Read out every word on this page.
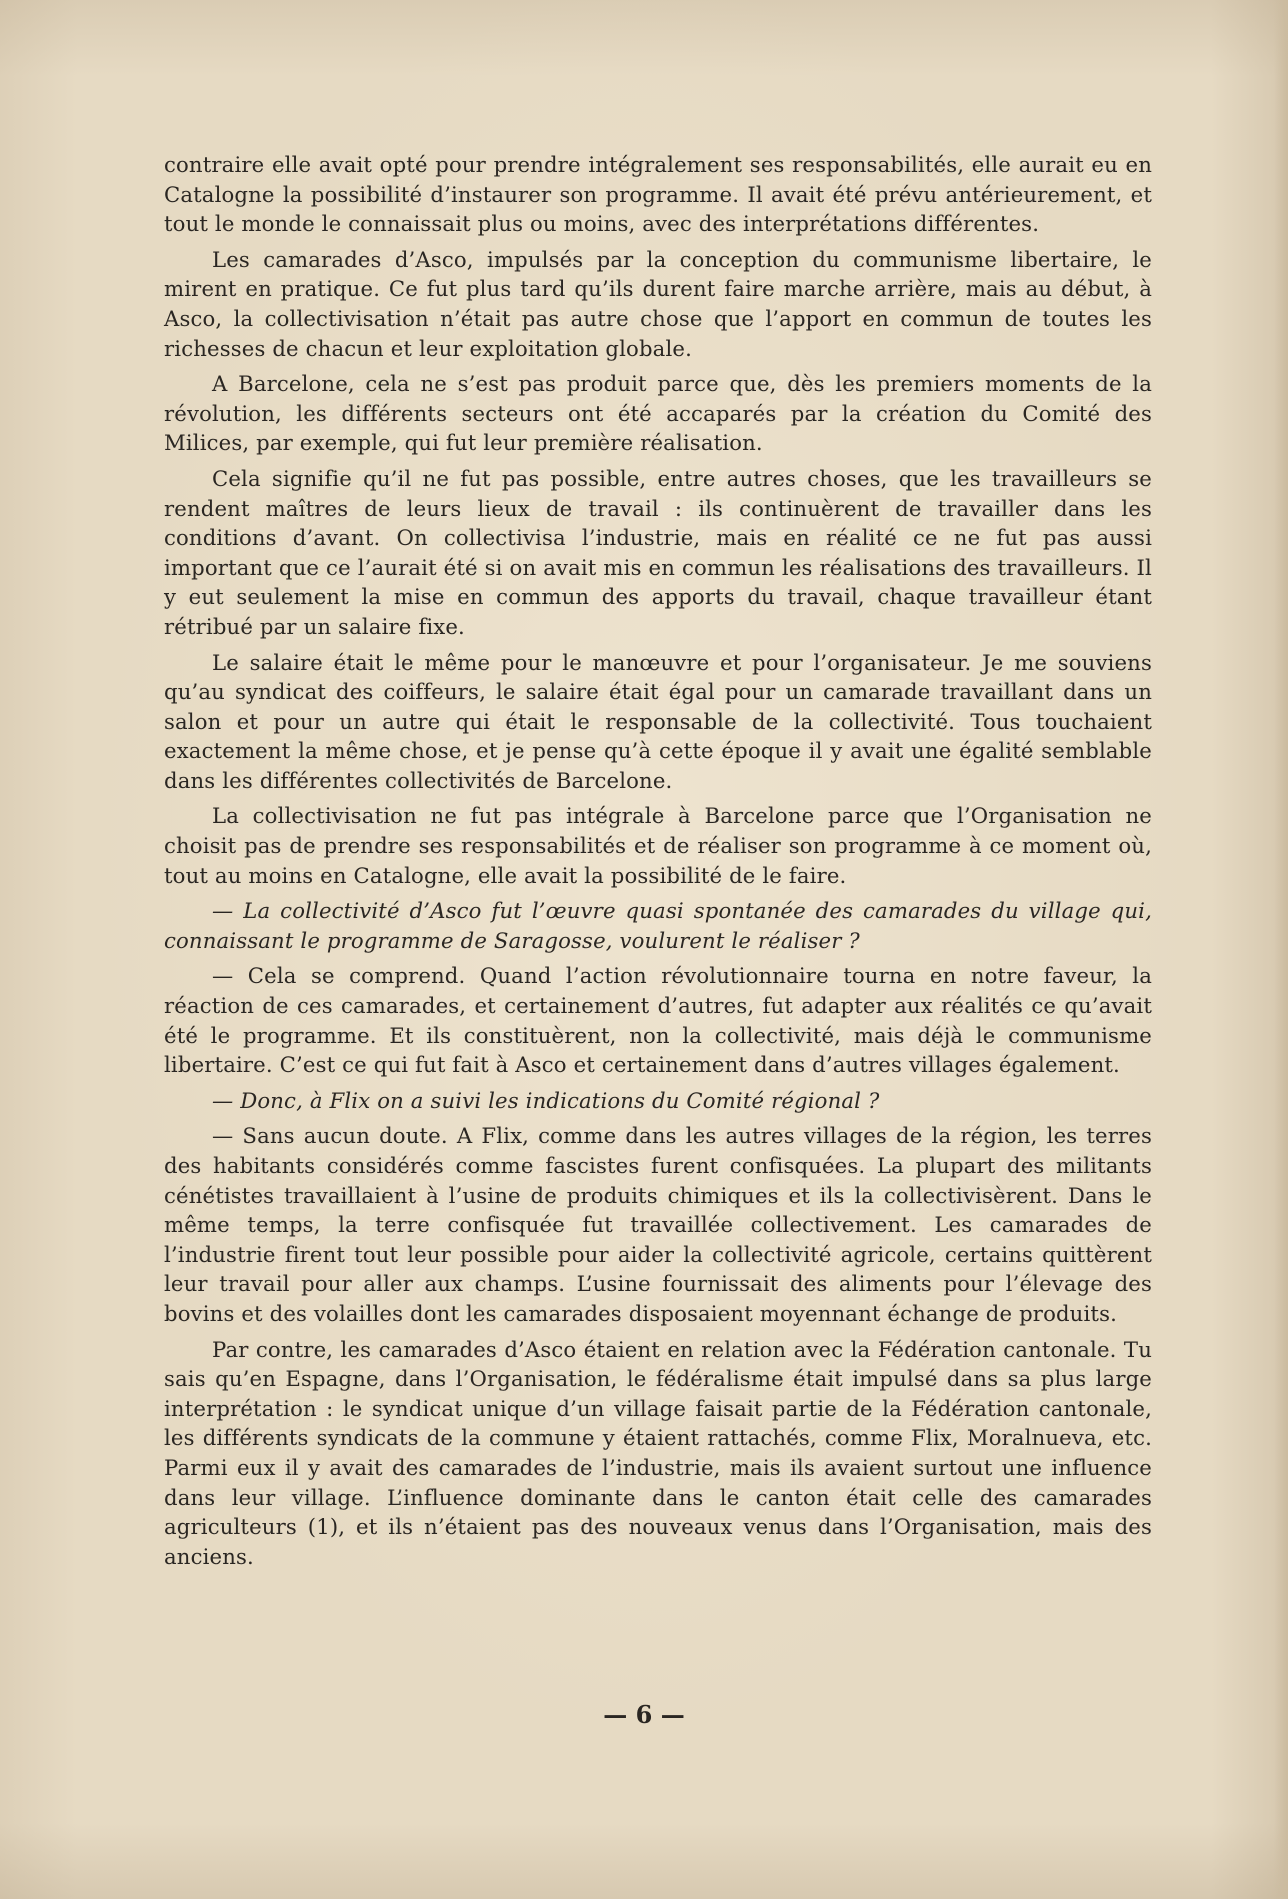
contraire elle avait opté pour prendre intégralement ses responsabilités, elle aurait eu en Catalogne la possibilité d’instaurer son programme. Il avait été prévu antérieurement, et tout le monde le connaissait plus ou moins, avec des interprétations différentes.

Les camarades d’Asco, impulsés par la conception du communisme libertaire, le mirent en pratique. Ce fut plus tard qu’ils durent faire marche arrière, mais au début, à Asco, la collectivisation n’était pas autre chose que l’apport en commun de toutes les richesses de chacun et leur exploitation globale.

A Barcelone, cela ne s’est pas produit parce que, dès les premiers moments de la révolution, les différents secteurs ont été accaparés par la création du Comité des Milices, par exemple, qui fut leur première réalisation.

Cela signifie qu’il ne fut pas possible, entre autres choses, que les travailleurs se rendent maîtres de leurs lieux de travail : ils continuèrent de travailler dans les conditions d’avant. On collectivisa l’industrie, mais en réalité ce ne fut pas aussi important que ce l’aurait été si on avait mis en commun les réalisations des travailleurs. Il y eut seulement la mise en commun des apports du travail, chaque travailleur étant rétribué par un salaire fixe.

Le salaire était le même pour le manœuvre et pour l’organisateur. Je me souviens qu’au syndicat des coiffeurs, le salaire était égal pour un camarade travaillant dans un salon et pour un autre qui était le responsable de la collectivité. Tous touchaient exactement la même chose, et je pense qu’à cette époque il y avait une égalité semblable dans les différentes collectivités de Barcelone.

La collectivisation ne fut pas intégrale à Barcelone parce que l’Organisation ne choisit pas de prendre ses responsabilités et de réaliser son programme à ce moment où, tout au moins en Catalogne, elle avait la possibilité de le faire.

— La collectivité d’Asco fut l’œuvre quasi spontanée des camarades du village qui, connaissant le programme de Saragosse, voulurent le réaliser ?

— Cela se comprend. Quand l’action révolutionnaire tourna en notre faveur, la réaction de ces camarades, et certainement d’autres, fut adapter aux réalités ce qu’avait été le programme. Et ils constituèrent, non la collectivité, mais déjà le communisme libertaire. C’est ce qui fut fait à Asco et certainement dans d’autres villages également.

— Donc, à Flix on a suivi les indications du Comité régional ?

— Sans aucun doute. A Flix, comme dans les autres villages de la région, les terres des habitants considérés comme fascistes furent confisquées. La plupart des militants cénétistes travaillaient à l’usine de produits chimiques et ils la collectivisèrent. Dans le même temps, la terre confisquée fut travaillée collectivement. Les camarades de l’industrie firent tout leur possible pour aider la collectivité agricole, certains quittèrent leur travail pour aller aux champs. L’usine fournissait des aliments pour l’élevage des bovins et des volailles dont les camarades disposaient moyennant échange de produits.

Par contre, les camarades d’Asco étaient en relation avec la Fédération cantonale. Tu sais qu’en Espagne, dans l’Organisation, le fédéralisme était impulsé dans sa plus large interprétation : le syndicat unique d’un village faisait partie de la Fédération cantonale, les différents syndicats de la commune y étaient rattachés, comme Flix, Moralnueva, etc. Parmi eux il y avait des camarades de l’industrie, mais ils avaient surtout une influence dans leur village. L’influence dominante dans le canton était celle des camarades agriculteurs (1), et ils n’étaient pas des nouveaux venus dans l’Organisation, mais des anciens.

— 6 —
